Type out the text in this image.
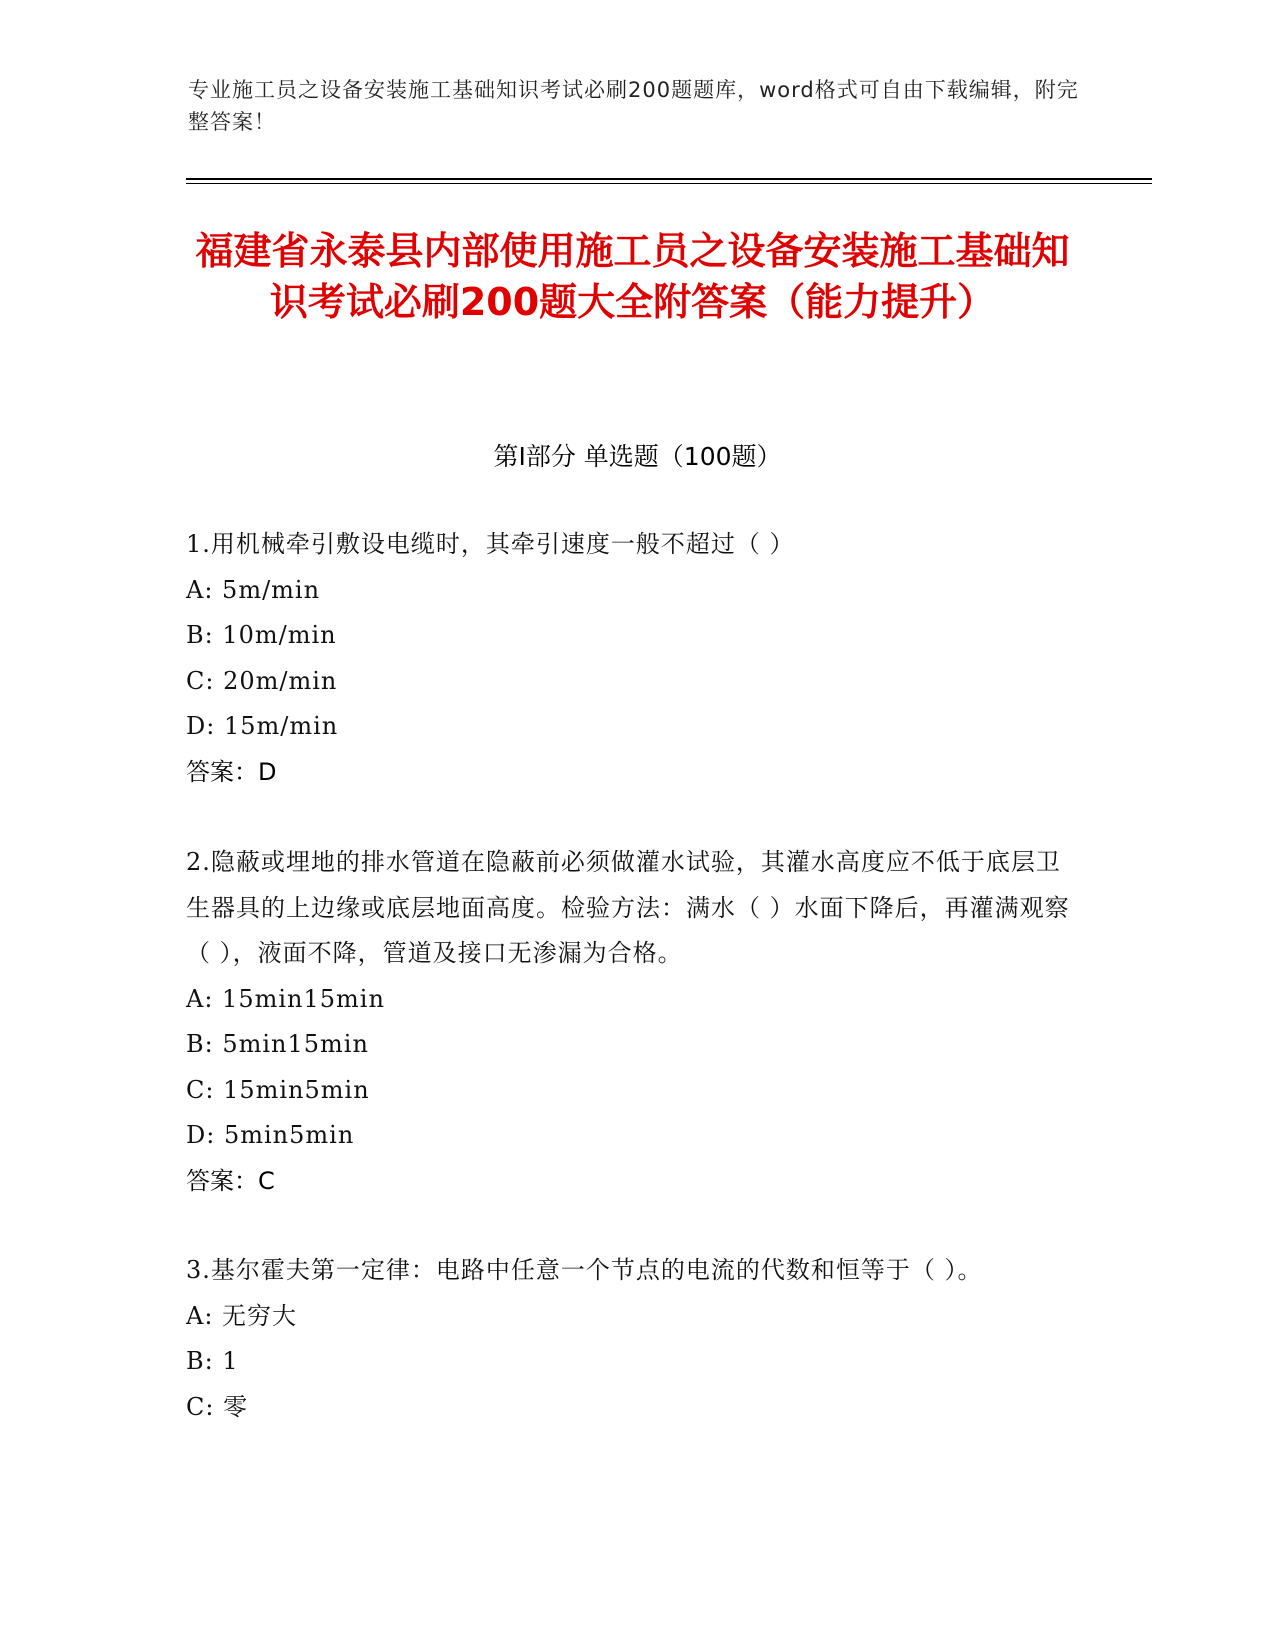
专业施工员之设备安装施工基础知识考试必刷200题题库，word格式可自由下载编辑，附完整答案！
福建省永泰县内部使用施工员之设备安装施工基础知识考试必刷200题大全附答案（能力提升）
第Ⅰ部分 单选题（100题）
1.用机械牵引敷设电缆时，其牵引速度一般不超过（ ）
A: 5m/min
B: 10m/min
C: 20m/min
D: 15m/min
答案：D
2.隐蔽或埋地的排水管道在隐蔽前必须做灌水试验，其灌水高度应不低于底层卫生器具的上边缘或底层地面高度。检验方法：满水（ ）水面下降后，再灌满观察（ ），液面不降，管道及接口无渗漏为合格。
A: 15min15min
B: 5min15min
C: 15min5min
D: 5min5min
答案：C
3.基尔霍夫第一定律：电路中任意一个节点的电流的代数和恒等于（ ）。
A: 无穷大
B: 1
C: 零
